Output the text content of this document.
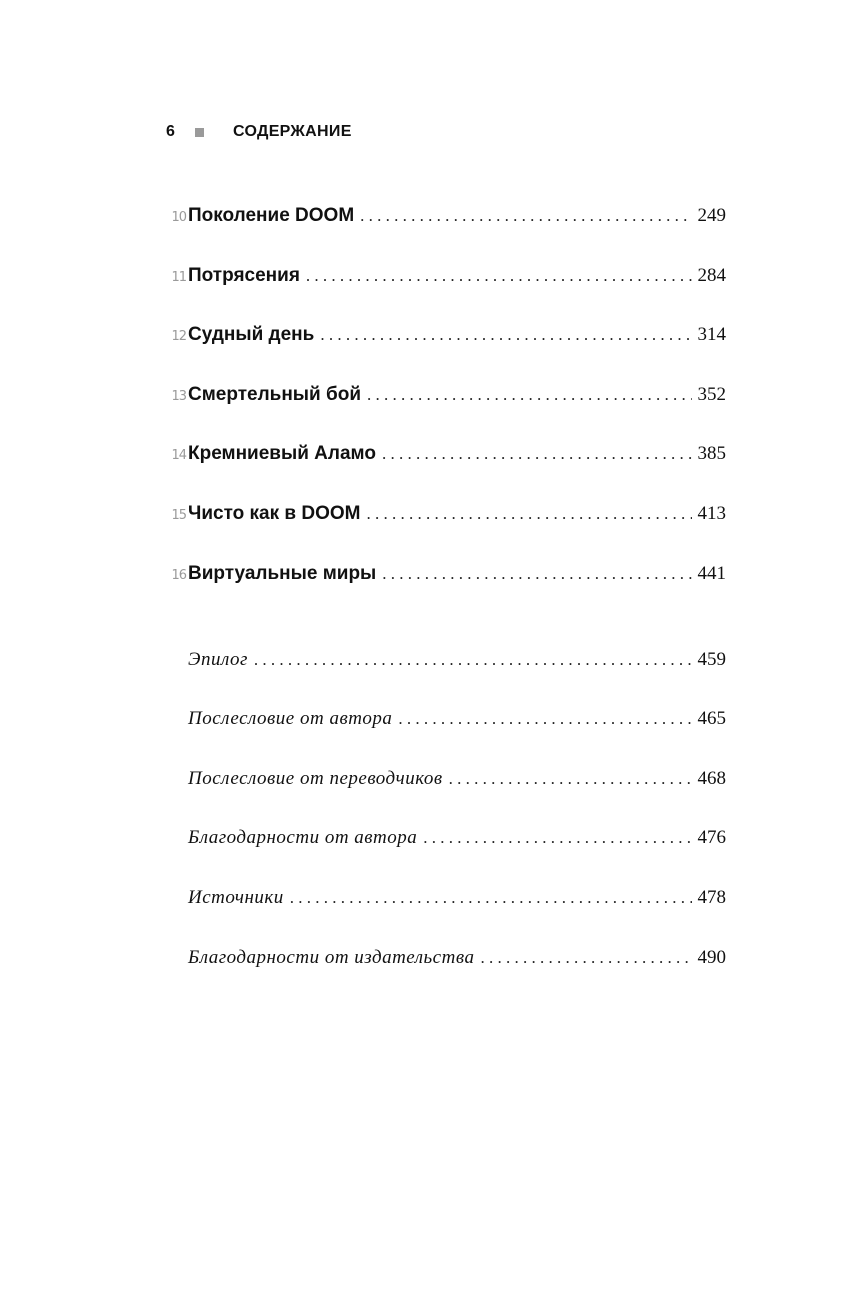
6	СОДЕРЖАНИЕ
10 Поколение DOOM . . .	249
11 Потрясения . . .	284
12 Судный день . . .	314
13 Смертельный бой . . .	352
14 Кремниевый Аламо . . .	385
15 Чисто как в DOOM . . .	413
16 Виртуальные миры . . .	441
Эпилог . . .	459
Послесловие от автора . . .	465
Послесловие от переводчиков . . .	468
Благодарности от автора . . .	476
Источники . . .	478
Благодарности от издательства . . .	490
